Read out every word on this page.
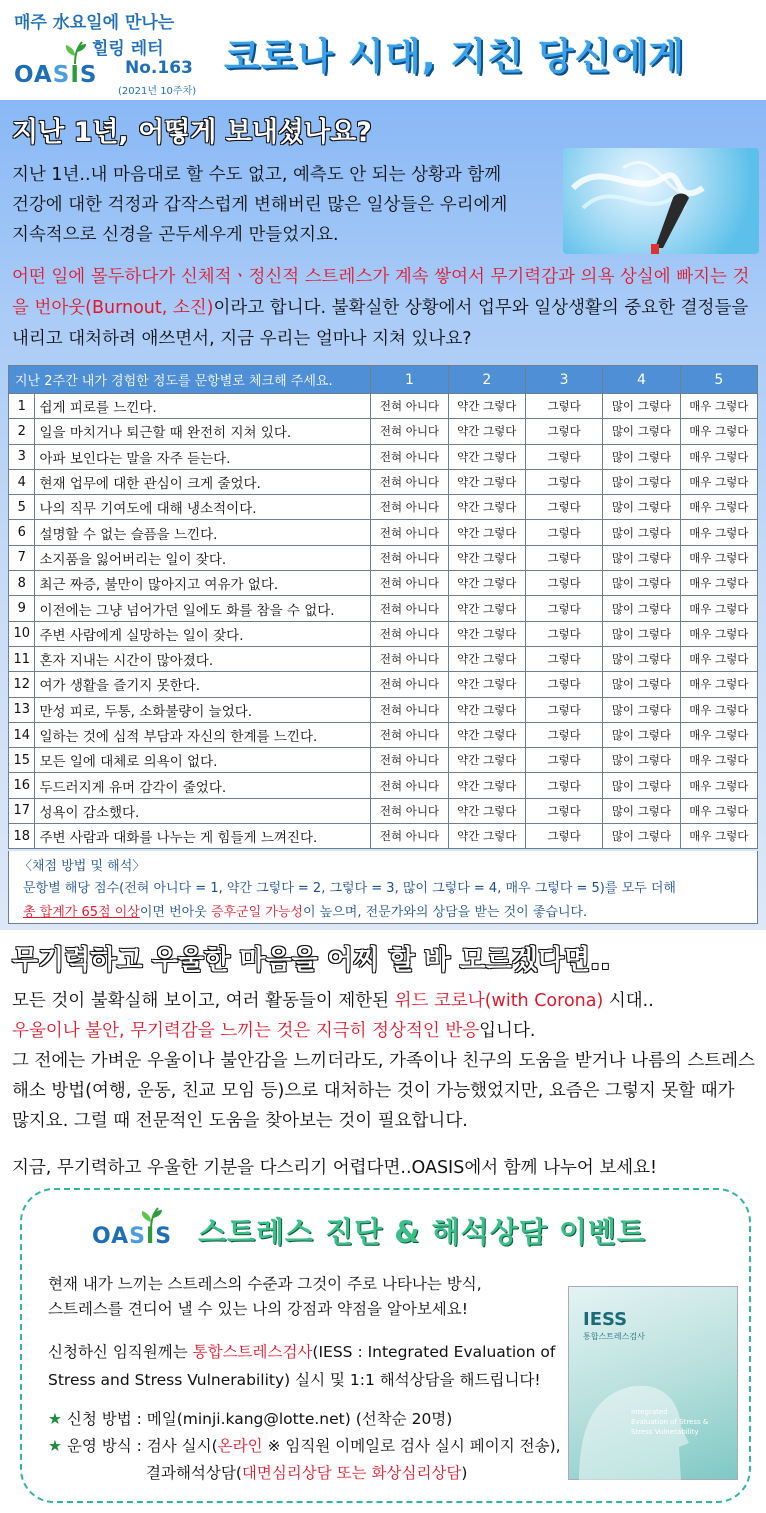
매주 水요일에 만나는
힐링 레터
No.163
(2021년 10주차)
OASIS	코로나 시대, 지친 당신에게
지난 1년, 어떻게 보내셨나요?
지난 1년..내 마음대로 할 수도 없고, 예측도 안 되는 상황과 함께
건강에 대한 걱정과 갑작스럽게 변해버린 많은 일상들은 우리에게
지속적으로 신경을 곤두세우게 만들었지요.
어떤 일에 몰두하다가 신체적ㆍ정신적 스트레스가 계속 쌓여서 무기력감과 의욕 상실에 빠지는 것을 번아웃(Burnout, 소진)이라고 합니다. 불확실한 상황에서 업무와 일상생활의 중요한 결정들을 내리고 대처하려 애쓰면서, 지금 우리는 얼마나 지쳐 있나요?
지난 2주간 내가 경험한 정도를 문항별로 체크해 주세요.		1	2	3	4	5
1	쉽게 피로를 느낀다.	전혀 아니다	약간 그렇다	그렇다	많이 그렇다	매우 그렇다
2	일을 마치거나 퇴근할 때 완전히 지쳐 있다.	전혀 아니다	약간 그렇다	그렇다	많이 그렇다	매우 그렇다
3	아파 보인다는 말을 자주 듣는다.	전혀 아니다	약간 그렇다	그렇다	많이 그렇다	매우 그렇다
4	현재 업무에 대한 관심이 크게 줄었다.	전혀 아니다	약간 그렇다	그렇다	많이 그렇다	매우 그렇다
5	나의 직무 기여도에 대해 냉소적이다.	전혀 아니다	약간 그렇다	그렇다	많이 그렇다	매우 그렇다
6	설명할 수 없는 슬픔을 느낀다.	전혀 아니다	약간 그렇다	그렇다	많이 그렇다	매우 그렇다
7	소지품을 잃어버리는 일이 잦다.	전혀 아니다	약간 그렇다	그렇다	많이 그렇다	매우 그렇다
8	최근 짜증, 불만이 많아지고 여유가 없다.	전혀 아니다	약간 그렇다	그렇다	많이 그렇다	매우 그렇다
9	이전에는 그냥 넘어가던 일에도 화를 참을 수 없다.	전혀 아니다	약간 그렇다	그렇다	많이 그렇다	매우 그렇다
10	주변 사람에게 실망하는 일이 잦다.	전혀 아니다	약간 그렇다	그렇다	많이 그렇다	매우 그렇다
11	혼자 지내는 시간이 많아졌다.	전혀 아니다	약간 그렇다	그렇다	많이 그렇다	매우 그렇다
12	여가 생활을 즐기지 못한다.	전혀 아니다	약간 그렇다	그렇다	많이 그렇다	매우 그렇다
13	만성 피로, 두통, 소화불량이 늘었다.	전혀 아니다	약간 그렇다	그렇다	많이 그렇다	매우 그렇다
14	일하는 것에 심적 부담과 자신의 한계를 느낀다.	전혀 아니다	약간 그렇다	그렇다	많이 그렇다	매우 그렇다
15	모든 일에 대체로 의욕이 없다.	전혀 아니다	약간 그렇다	그렇다	많이 그렇다	매우 그렇다
16	두드러지게 유머 감각이 줄었다.	전혀 아니다	약간 그렇다	그렇다	많이 그렇다	매우 그렇다
17	성욕이 감소했다.	전혀 아니다	약간 그렇다	그렇다	많이 그렇다	매우 그렇다
18	주변 사람과 대화를 나누는 게 힘들게 느껴진다.	전혀 아니다	약간 그렇다	그렇다	많이 그렇다	매우 그렇다
〈채점 방법 및 해석〉
문항별 해당 점수(전혀 아니다 = 1, 약간 그렇다 = 2, 그렇다 = 3, 많이 그렇다 = 4, 매우 그렇다 = 5)를 모두 더해
총 합계가 65점 이상이면 번아웃 증후군일 가능성이 높으며, 전문가와의 상담을 받는 것이 좋습니다.
무기력하고 우울한 마음을 어찌 할 바 모르겠다면..
모든 것이 불확실해 보이고, 여러 활동들이 제한된 위드 코로나(with Corona) 시대..
우울이나 불안, 무기력감을 느끼는 것은 지극히 정상적인 반응입니다.
그 전에는 가벼운 우울이나 불안감을 느끼더라도, 가족이나 친구의 도움을 받거나 나름의 스트레스 해소 방법(여행, 운동, 친교 모임 등)으로 대처하는 것이 가능했었지만, 요즘은 그렇지 못할 때가 많지요. 그럴 때 전문적인 도움을 찾아보는 것이 필요합니다.
지금, 무기력하고 우울한 기분을 다스리기 어렵다면..OASIS에서 함께 나누어 보세요!
OASIS 스트레스 진단 & 해석상담 이벤트
현재 내가 느끼는 스트레스의 수준과 그것이 주로 나타나는 방식,
스트레스를 견디어 낼 수 있는 나의 강점과 약점을 알아보세요!
신청하신 임직원께는 통합스트레스검사(IESS : Integrated Evaluation of Stress and Stress Vulnerability) 실시 및 1:1 해석상담을 해드립니다!
★ 신청 방법 : 메일(minji.kang@lotte.net) (선착순 20명)
★ 운영 방식 : 검사 실시(온라인 ※ 임직원 이메일로 검사 실시 페이지 전송),
결과해석상담(대면심리상담 또는 화상심리상담)
IESS
통합스트레스검사
Integrated
Evaluation of Stress &
Stress Vulnerability
